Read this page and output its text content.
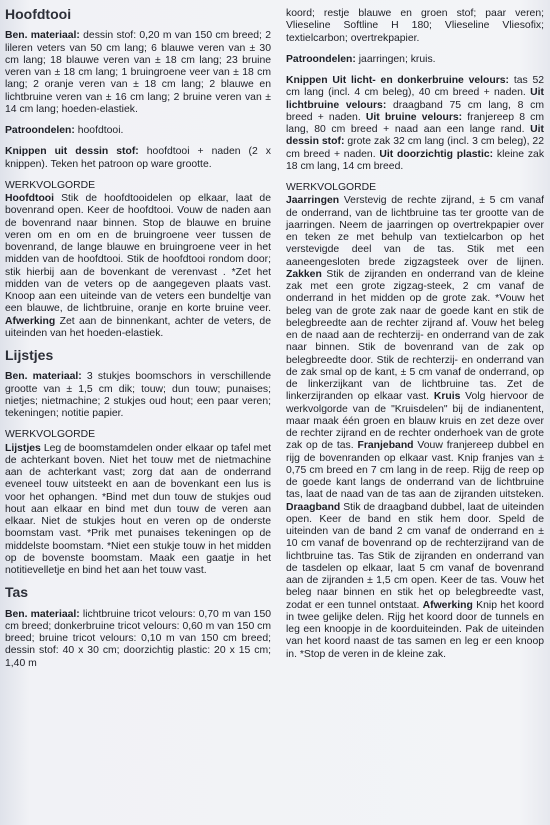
Hoofdtooi

Ben. materiaal: dessin stof: 0,20 m van 150 cm breed; 2 lileren veters van 50 cm lang; 6 blauwe veren van ± 30 cm lang; 18 blauwe veren van ± 18 cm lang; 23 bruine veren van ± 18 cm lang; 1 bruingroene veer van ± 18 cm lang; 2 oranje veren van ± 18 cm lang; 2 blauwe en lichtbruine veren van ± 16 cm lang; 2 bruine veren van ± 14 cm lang; hoeden-elastiek.

Patroondelen: hoofdtooi.

Knippen uit dessin stof: hoofdtooi + naden (2 x knippen). Teken het patroon op ware grootte.

WERKVOLGORDE

Hoofdtooi Stik de hoofdtooidelen op elkaar, laat de bovenrand open. Keer de hoofdtooi. Vouw de naden aan de bovenrand naar binnen. Stop de blauwe en bruine veren om en om en de bruingroene veer tussen de bovenrand, de lange blauwe en bruingroene veer in het midden van de hoofdtooi. Stik de hoofdtooi rondom door; stik hierbij aan de bovenkant de verenvast . *Zet het midden van de veters op de aangegeven plaats vast. Knoop aan een uiteinde van de veters een bundeltje van een blauwe, de lichtbruine, oranje en korte bruine veer. Afwerking Zet aan de binnenkant, achter de veters, de uiteinden van het hoeden-elastiek.

Lijstjes

Ben. materiaal: 3 stukjes boomschors in verschillende grootte van ± 1,5 cm dik; touw; dun touw; punaises; nietjes; nietmachine; 2 stukjes oud hout; een paar veren; tekeningen; notitie papier.

WERKVOLGORDE

Lijstjes Leg de boomstamdelen onder elkaar op tafel met de achterkant boven. Niet het touw met de nietmachine aan de achterkant vast; zorg dat aan de onderrand eveneel touw uitsteekt en aan de bovenkant een lus is voor het ophangen. *Bind met dun touw de stukjes oud hout aan elkaar en bind met dun touw de veren aan elkaar. Niet de stukjes hout en veren op de onderste boomstam vast. *Prik met punaises tekeningen op de middelste boomstam. *Niet een stukje touw in het midden op de bovenste boomstam. Maak een gaatje in het notitievelletje en bind het aan het touw vast.

Tas

Ben. materiaal: lichtbruine tricot velours: 0,70 m van 150 cm breed; donkerbruine tricot velours: 0,60 m van 150 cm breed; bruine tricot velours: 0,10 m van 150 cm breed; dessin stof: 40 x 30 cm; doorzichtig plastic: 20 x 15 cm; 1,40 m

koord; restje blauwe en groen stof; paar veren; Vlieseline Softline H 180; Vlieseline Vliesofix; textielcarbon; overtrekpapier.

Patroondelen: jaarringen; kruis.

Knippen Uit licht- en donkerbruine velours: tas 52 cm lang (incl. 4 cm beleg), 40 cm breed + naden. Uit lichtbruine velours: draagband 75 cm lang, 8 cm breed + naden. Uit bruine velours: franjereep 8 cm lang, 80 cm breed + naad aan een lange rand. Uit dessin stof: grote zak 32 cm lang (incl. 3 cm beleg), 22 cm breed + naden. Uit doorzichtig plastic: kleine zak 18 cm lang, 14 cm breed.

WERKVOLGORDE

Jaarringen Verstevig de rechte zijrand, ± 5 cm vanaf de onderrand, van de lichtbruine tas ter grootte van de jaarringen. Neem de jaarringen op overtrekpapier over en teken ze met behulp van textielcarbon op het verstevigde deel van de tas. Stik met een aaneengesloten brede zigzagsteek over de lijnen. Zakken Stik de zijranden en onderrand van de kleine zak met een grote zigzag-steek, 2 cm vanaf de onderrand in het midden op de grote zak. *Vouw het beleg van de grote zak naar de goede kant en stik de belegbreedte aan de rechter zijrand af. Vouw het beleg en de naad aan de rechterzij- en onderrand van de zak naar binnen. Stik de bovenrand van de zak op belegbreedte door. Stik de rechterzij- en onderrand van de zak smal op de kant, ± 5 cm vanaf de onderrand, op de linkerzijkant van de lichtbruine tas. Zet de linkerzijranden op elkaar vast. Kruis Volg hiervoor de werkvolgorde van de "Kruisdelen" bij de indianentent, maar maak één groen en blauw kruis en zet deze over de rechter zijrand en de rechter onderhoek van de grote zak op de tas. Franjeband Vouw franjereep dubbel en rijg de bovenranden op elkaar vast. Knip franjes van ± 0,75 cm breed en 7 cm lang in de reep. Rijg de reep op de goede kant langs de onderrand van de lichtbruine tas, laat de naad van de tas aan de zijranden uitsteken. Draagband Stik de draagband dubbel, laat de uiteinden open. Keer de band en stik hem door. Speld de uiteinden van de band 2 cm vanaf de onderrand en ± 10 cm vanaf de bovenrand op de rechterzijrand van de lichtbruine tas. Tas Stik de zijranden en onderrand van de tasdelen op elkaar, laat 5 cm vanaf de bovenrand aan de zijranden ± 1,5 cm open. Keer de tas. Vouw het beleg naar binnen en stik het op belegbreedte vast, zodat er een tunnel ontstaat. Afwerking Knip het koord in twee gelijke delen. Rijg het koord door de tunnels en leg een knoopje in de koorduiteinden. Pak de uiteinden van het koord naast de tas samen en leg er een knoop in. *Stop de veren in de kleine zak.
